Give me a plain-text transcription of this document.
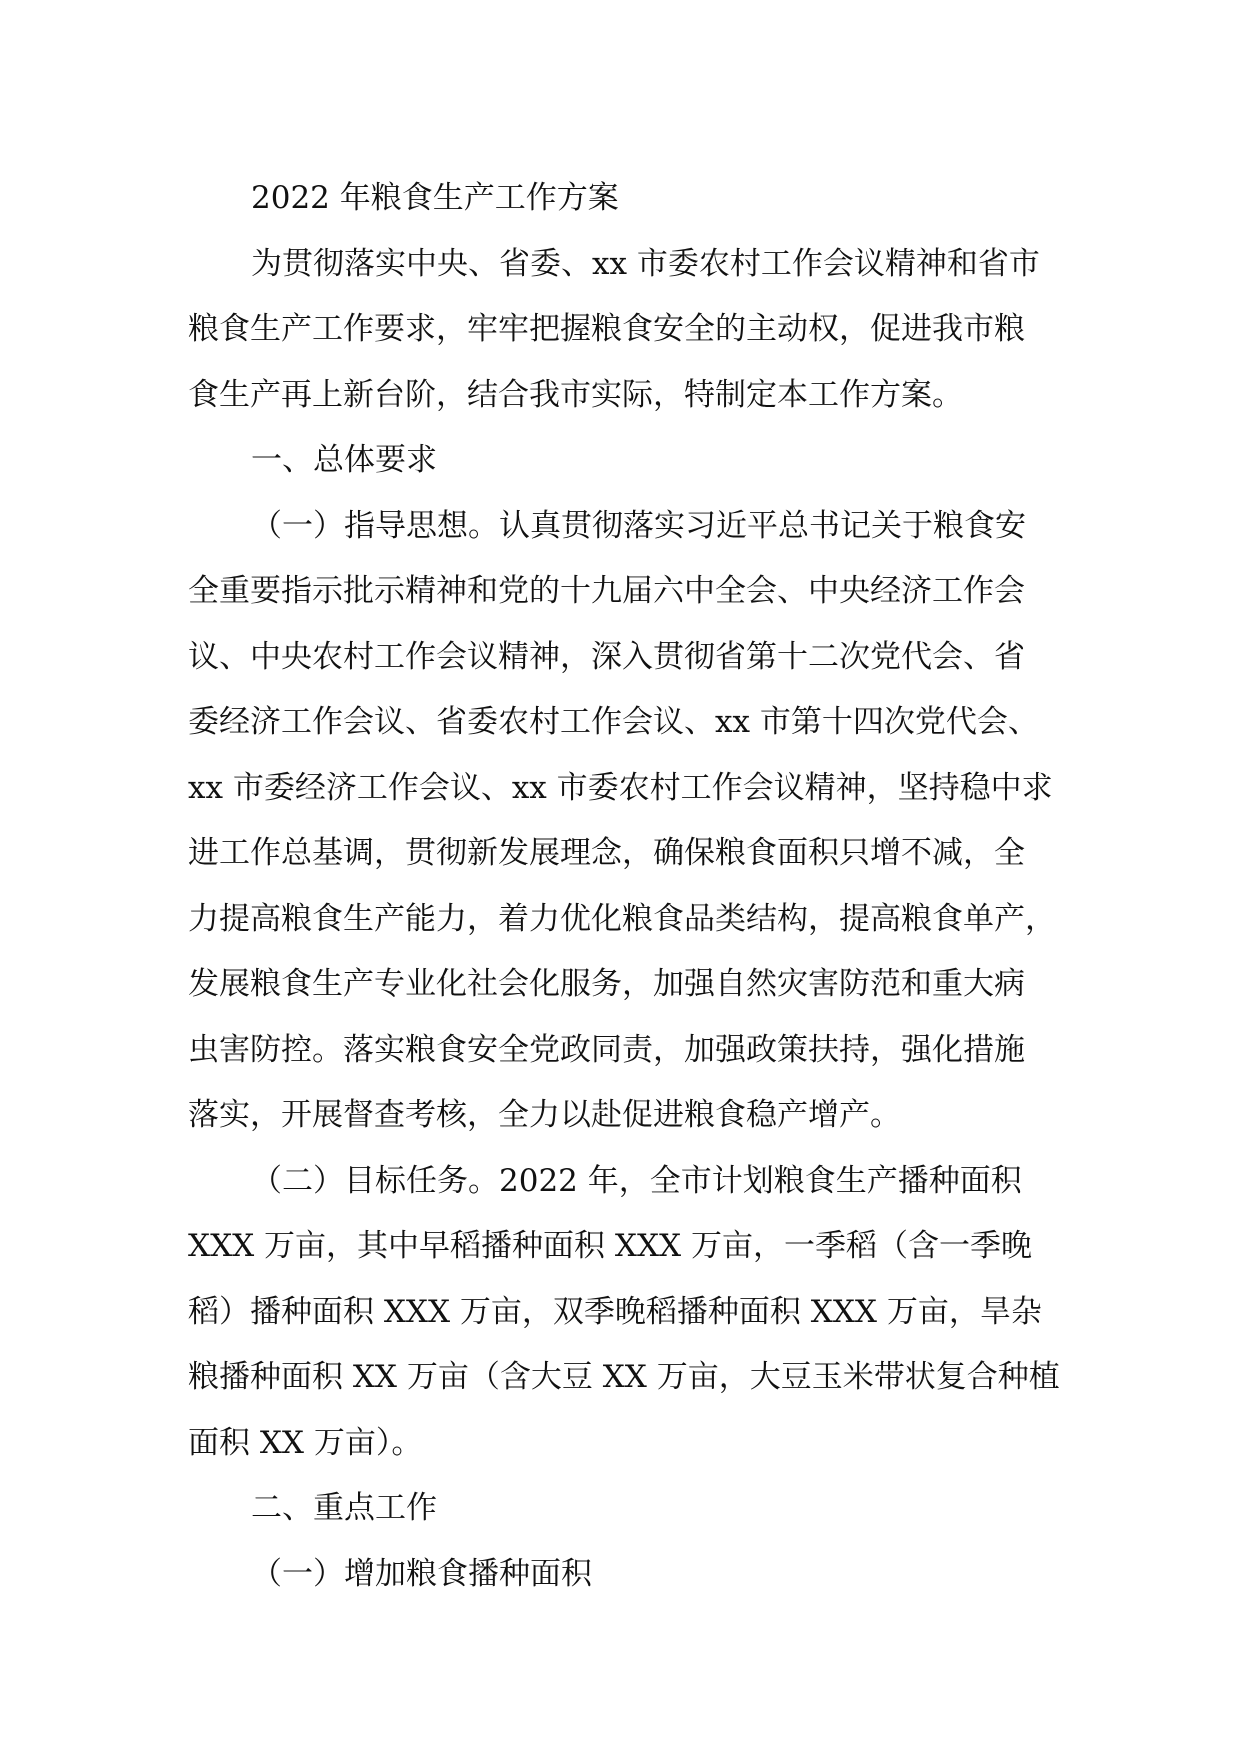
2022 年粮食生产工作方案
为贯彻落实中央、省委、xx 市委农村工作会议精神和省市
粮食生产工作要求，牢牢把握粮食安全的主动权，促进我市粮
食生产再上新台阶，结合我市实际，特制定本工作方案。
一、总体要求
（一）指导思想。认真贯彻落实习近平总书记关于粮食安
全重要指示批示精神和党的十九届六中全会、中央经济工作会
议、中央农村工作会议精神，深入贯彻省第十二次党代会、省
委经济工作会议、省委农村工作会议、xx 市第十四次党代会、
xx 市委经济工作会议、xx 市委农村工作会议精神，坚持稳中求
进工作总基调，贯彻新发展理念，确保粮食面积只增不减，全
力提高粮食生产能力，着力优化粮食品类结构，提高粮食单产，
发展粮食生产专业化社会化服务，加强自然灾害防范和重大病
虫害防控。落实粮食安全党政同责，加强政策扶持，强化措施
落实，开展督查考核，全力以赴促进粮食稳产增产。
（二）目标任务。2022 年，全市计划粮食生产播种面积
XXX 万亩，其中早稻播种面积 XXX 万亩，一季稻（含一季晚
稻）播种面积 XXX 万亩，双季晚稻播种面积 XXX 万亩，旱杂
粮播种面积 XX 万亩（含大豆 XX 万亩，大豆玉米带状复合种植
面积 XX 万亩）。
二、重点工作
（一）增加粮食播种面积
